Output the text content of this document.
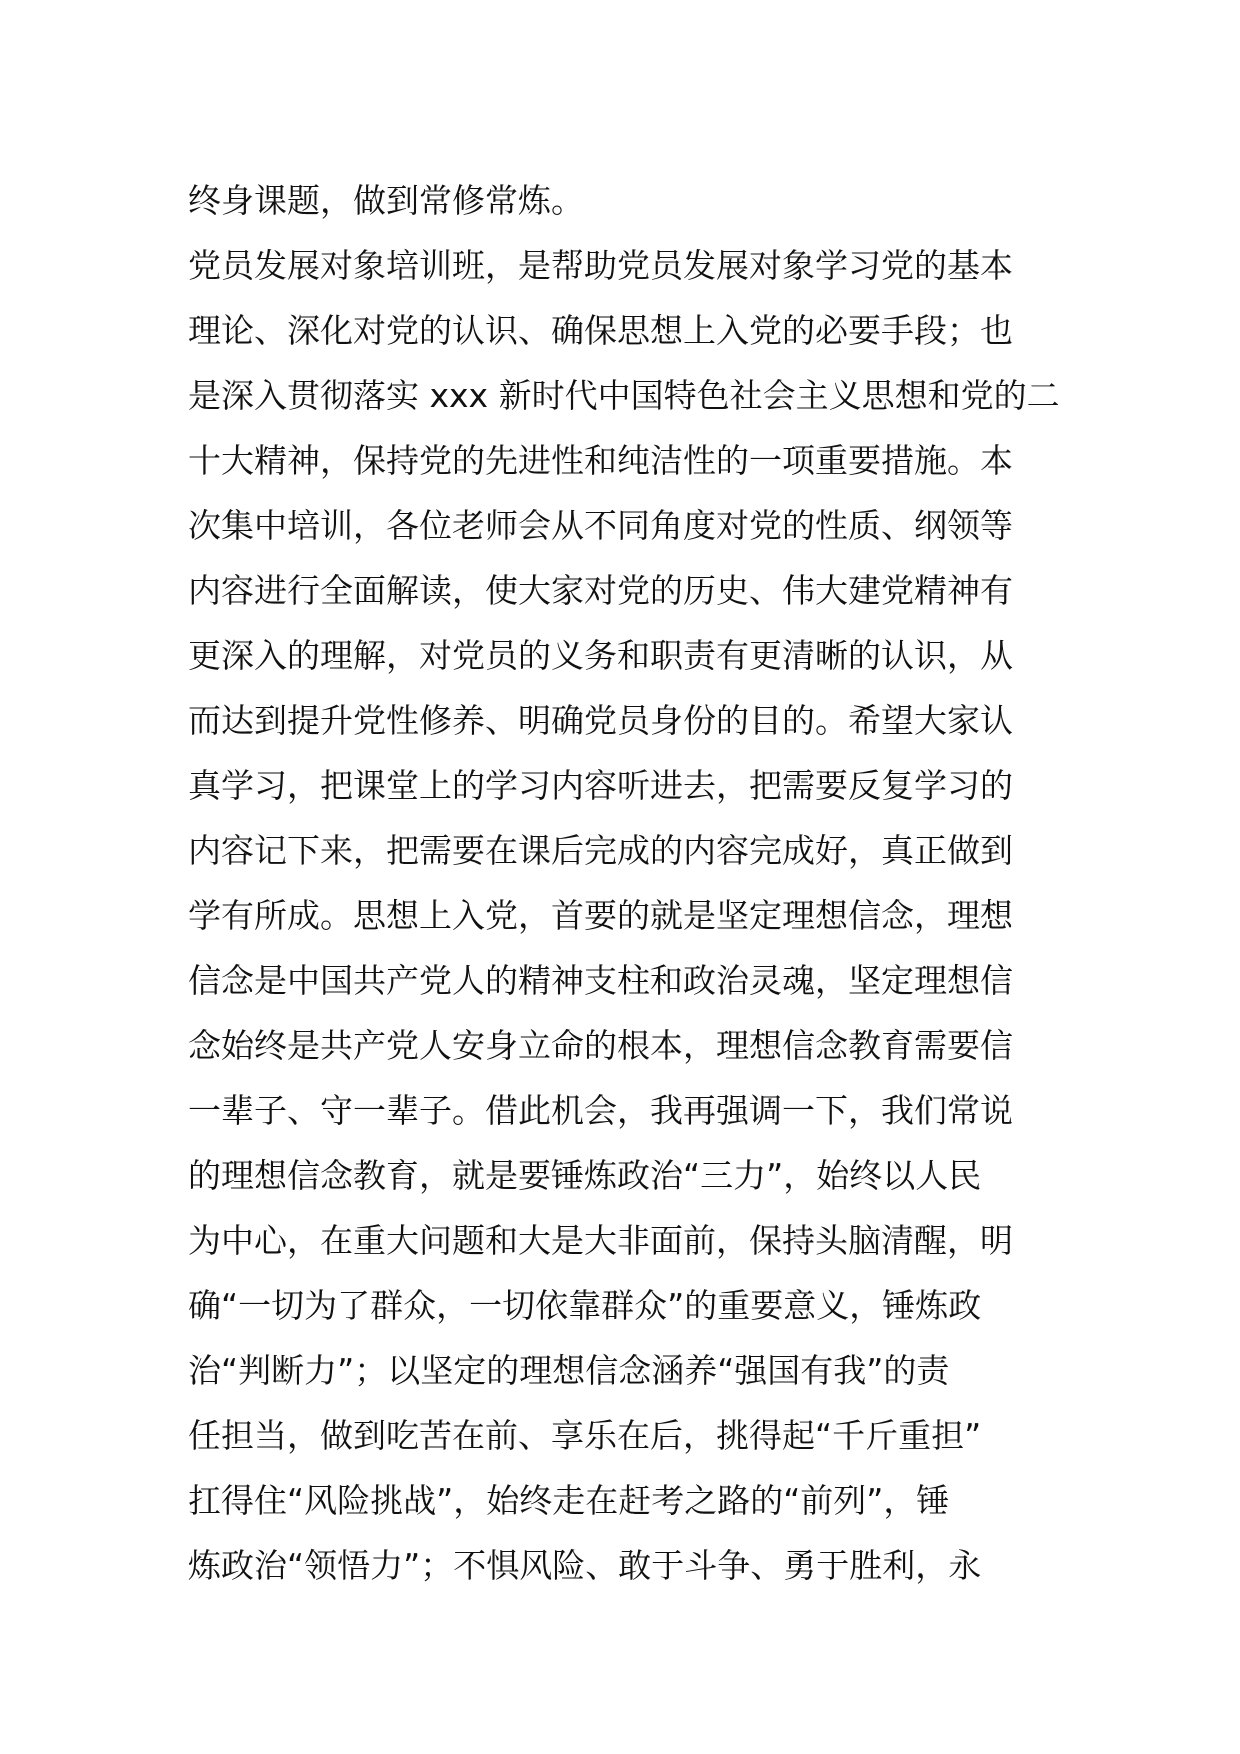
终身课题，做到常修常炼。
党员发展对象培训班，是帮助党员发展对象学习党的基本
理论、深化对党的认识、确保思想上入党的必要手段；也
是深入贯彻落实 xxx 新时代中国特色社会主义思想和党的二
十大精神，保持党的先进性和纯洁性的一项重要措施。本
次集中培训，各位老师会从不同角度对党的性质、纲领等
内容进行全面解读，使大家对党的历史、伟大建党精神有
更深入的理解，对党员的义务和职责有更清晰的认识，从
而达到提升党性修养、明确党员身份的目的。希望大家认
真学习，把课堂上的学习内容听进去，把需要反复学习的
内容记下来，把需要在课后完成的内容完成好，真正做到
学有所成。思想上入党，首要的就是坚定理想信念，理想
信念是中国共产党人的精神支柱和政治灵魂，坚定理想信
念始终是共产党人安身立命的根本，理想信念教育需要信
一辈子、守一辈子。借此机会，我再强调一下，我们常说
的理想信念教育，就是要锤炼政治“三力”，始终以人民
为中心，在重大问题和大是大非面前，保持头脑清醒，明
确“一切为了群众，一切依靠群众”的重要意义，锤炼政
治“判断力”；以坚定的理想信念涵养“强国有我”的责
任担当，做到吃苦在前、享乐在后，挑得起“千斤重担”
扛得住“风险挑战”，始终走在赶考之路的“前列”，锤
炼政治“领悟力”；不惧风险、敢于斗争、勇于胜利，永
